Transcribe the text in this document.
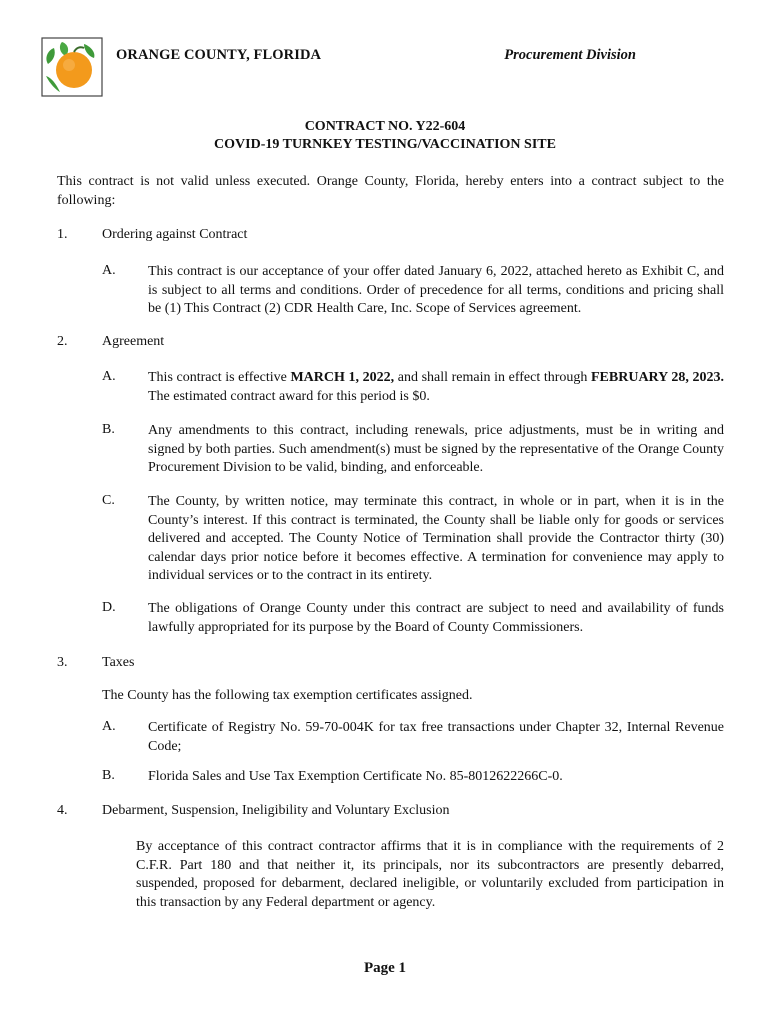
ORANGE COUNTY, FLORIDA	Procurement Division
CONTRACT NO. Y22-604
COVID-19 TURNKEY TESTING/VACCINATION SITE
This contract is not valid unless executed. Orange County, Florida, hereby enters into a contract subject to the following:
1. Ordering against Contract
A. This contract is our acceptance of your offer dated January 6, 2022, attached hereto as Exhibit C, and is subject to all terms and conditions. Order of precedence for all terms, conditions and pricing shall be (1) This Contract (2) CDR Health Care, Inc. Scope of Services agreement.
2. Agreement
A. This contract is effective MARCH 1, 2022, and shall remain in effect through FEBRUARY 28, 2023. The estimated contract award for this period is $0.
B. Any amendments to this contract, including renewals, price adjustments, must be in writing and signed by both parties. Such amendment(s) must be signed by the representative of the Orange County Procurement Division to be valid, binding, and enforceable.
C. The County, by written notice, may terminate this contract, in whole or in part, when it is in the County’s interest. If this contract is terminated, the County shall be liable only for goods or services delivered and accepted. The County Notice of Termination shall provide the Contractor thirty (30) calendar days prior notice before it becomes effective. A termination for convenience may apply to individual services or to the contract in its entirety.
D. The obligations of Orange County under this contract are subject to need and availability of funds lawfully appropriated for its purpose by the Board of County Commissioners.
3. Taxes
The County has the following tax exemption certificates assigned.
A. Certificate of Registry No. 59-70-004K for tax free transactions under Chapter 32, Internal Revenue Code;
B. Florida Sales and Use Tax Exemption Certificate No. 85-8012622266C-0.
4. Debarment, Suspension, Ineligibility and Voluntary Exclusion
By acceptance of this contract contractor affirms that it is in compliance with the requirements of 2 C.F.R. Part 180 and that neither it, its principals, nor its subcontractors are presently debarred, suspended, proposed for debarment, declared ineligible, or voluntarily excluded from participation in this transaction by any Federal department or agency.
Page 1
